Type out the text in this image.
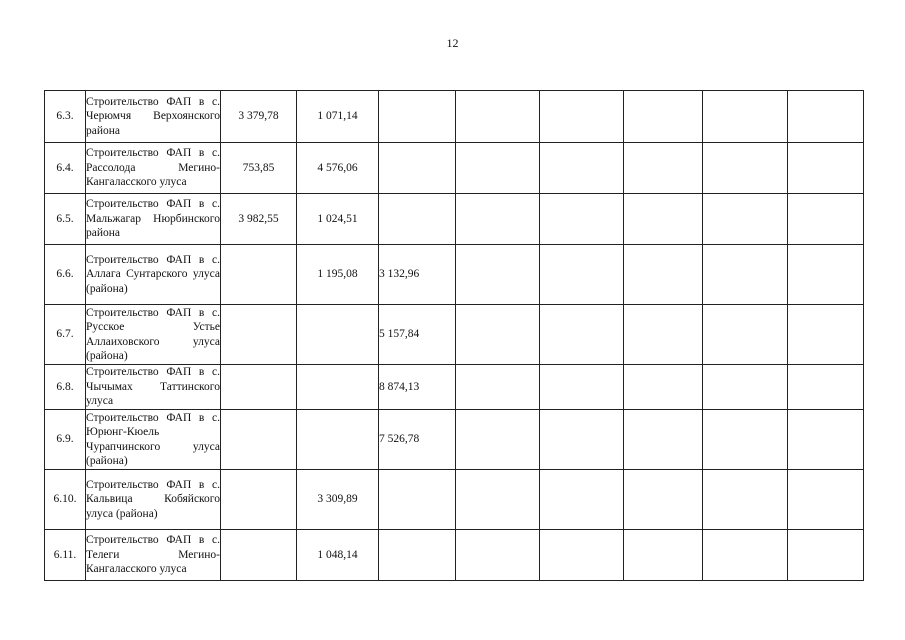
12
6.3.	Строительство ФАП в с. Черюмчя Верхоянского района	3 379,78	1 071,14						
6.4.	Строительство ФАП в с. Рассолода Мегино-Кангаласского улуса	753,85	4 576,06						
6.5.	Строительство ФАП в с. Мальжагар Нюрбинского района	3 982,55	1 024,51						
6.6.	Строительство ФАП в с. Аллага Сунтарского улуса (района)		1 195,08	3 132,96					
6.7.	Строительство ФАП в с. Русское Устье Аллаиховского улуса (района)			5 157,84					
6.8.	Строительство ФАП в с. Чычымах Таттинского улуса			8 874,13					
6.9.	Строительство ФАП в с. Юрюнг-Кюель Чурапчинского улуса (района)			7 526,78					
6.10.	Строительство ФАП в с. Кальвица Кобяйского улуса (района)		3 309,89						
6.11.	Строительство ФАП в с. Телеги Мегино-Кангаласского улуса		1 048,14						
